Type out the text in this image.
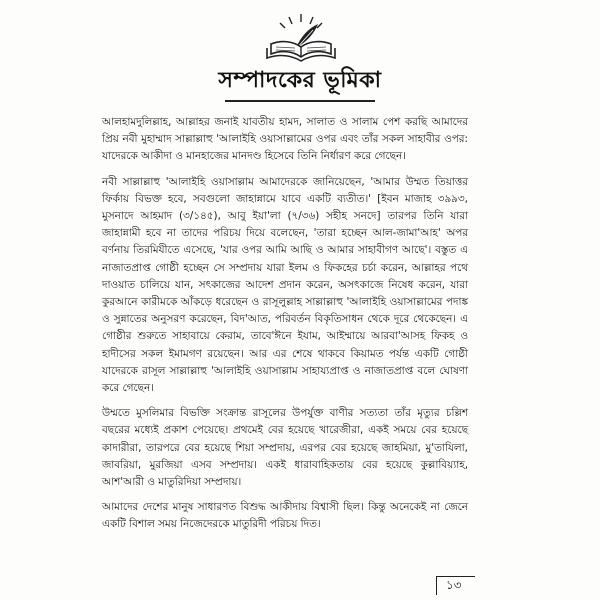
সম্পাদকের ভূমিকা

আলহামদুলিল্লাহ, আল্লাহর জনাই যাবতীয় হামদ, সালাত ও সালাম পেশ করছি আমাদের প্রিয় নবী মুহাম্মাদ সাল্লাল্লাহু 'আলাইহি ওয়াসাল্লামের ওপর এবং তাঁর সকল সাহাবীর ওপর: যাদেরকে আকীদা ও মানহাজের মানদণ্ড হিসেবে তিনি নির্ধারণ করে গেছেন।

নবী সাল্লাল্লাহু 'আলাইহি ওয়াসাল্লাম আমাদেরকে জানিয়েছেন, 'আমার উম্মত তিয়াত্তর ফির্কায় বিভক্ত হবে, সবগুলো জাহান্নামে যাবে একটি ব্যতীত।' [ইবন মাজাহ ৩৯৯৩, মুসনাদে আহমাদ (৩/১৪৫), আবু ইয়া'লা (৭/৩৬) সহীহ সনদে] তারপর তিনি যারা জাহান্নামী হবে না তাদের পরিচয় দিয়ে বলেছেন, 'তারা হচ্ছেন আল-জামা'আহ' অপর বর্ণনায় তিরমিযীতে এসেছে, 'যার ওপর আমি আছি ও আমার সাহাবীগণ আছে'। বস্তুত এ নাজাতপ্রাপ্ত গোষ্ঠী হচ্ছেন সে সম্প্রদায় যারা ইলম ও ফিকহের চর্চা করেন, আল্লাহর পথে দাওয়াত চালিয়ে যান, সৎকাজের আদেশ প্রদান করেন, অসৎকাজে নিষেধ করেন, যারা কুরআনে কারীমকে আঁকড়ে ধরেছেন ও রাসূলুল্লাহ সাল্লাল্লাহু 'আলাইহি ওয়াসাল্লামের পদাঙ্ক ও সুন্নাতের অনুসরণ করেছেন, বিদ'আত, পরিবর্তন বিকৃতিসাধন থেকে দূরে থেকেছেন। এ গোষ্ঠীর শুরুতে সাহাবায়ে কেরাম, তাবে'ঈনে ইযাম, আইম্মায়ে আরবা'আসহ ফিকহ ও হাদীসের সকল ইমামগণ রয়েছেন। আর এর শেষে থাকবে কিয়ামত পর্যন্ত একটি গোষ্ঠী যাদেরকে রাসূল সাল্লাল্লাহু 'আলাইহি ওয়াসাল্লাম সাহায্যপ্রাপ্ত ও নাজাতপ্রাপ্ত বলে ঘোষণা করে গেছেন।

উম্মতে মুসলিমার বিভক্তি সংক্রান্ত রাসূলের উপর্যুক্ত বাণীর সত্যতা তাঁর মৃত্যুর চল্লিশ বছরের মধ্যেই প্রকাশ পেয়েছে। প্রথমেই বের হয়েছে খারেজীরা, একই সময়ে বের হয়েছে কাদারীরা, তারপরে বের হয়েছে শিয়া সম্প্রদায়, এরপর বের হয়েছে জাহমিয়া, মু'তাযিলা, জাবরিয়া, মুরজিয়া এসব সম্প্রদায়। একই ধারাবাহিকতায় বের হয়েছে কুল্লাবিয়্যাহ, আশ'আরী ও মাতুরিদিয়া সম্প্রদায়।

আমাদের দেশের মানুষ সাধারণত বিশুদ্ধ আকীদায় বিশ্বাসী ছিল। কিন্তু অনেকেই না জেনে একটি বিশাল সময় নিজেদেরকে মাতুরিদী পরিচয় দিত।

১৩
